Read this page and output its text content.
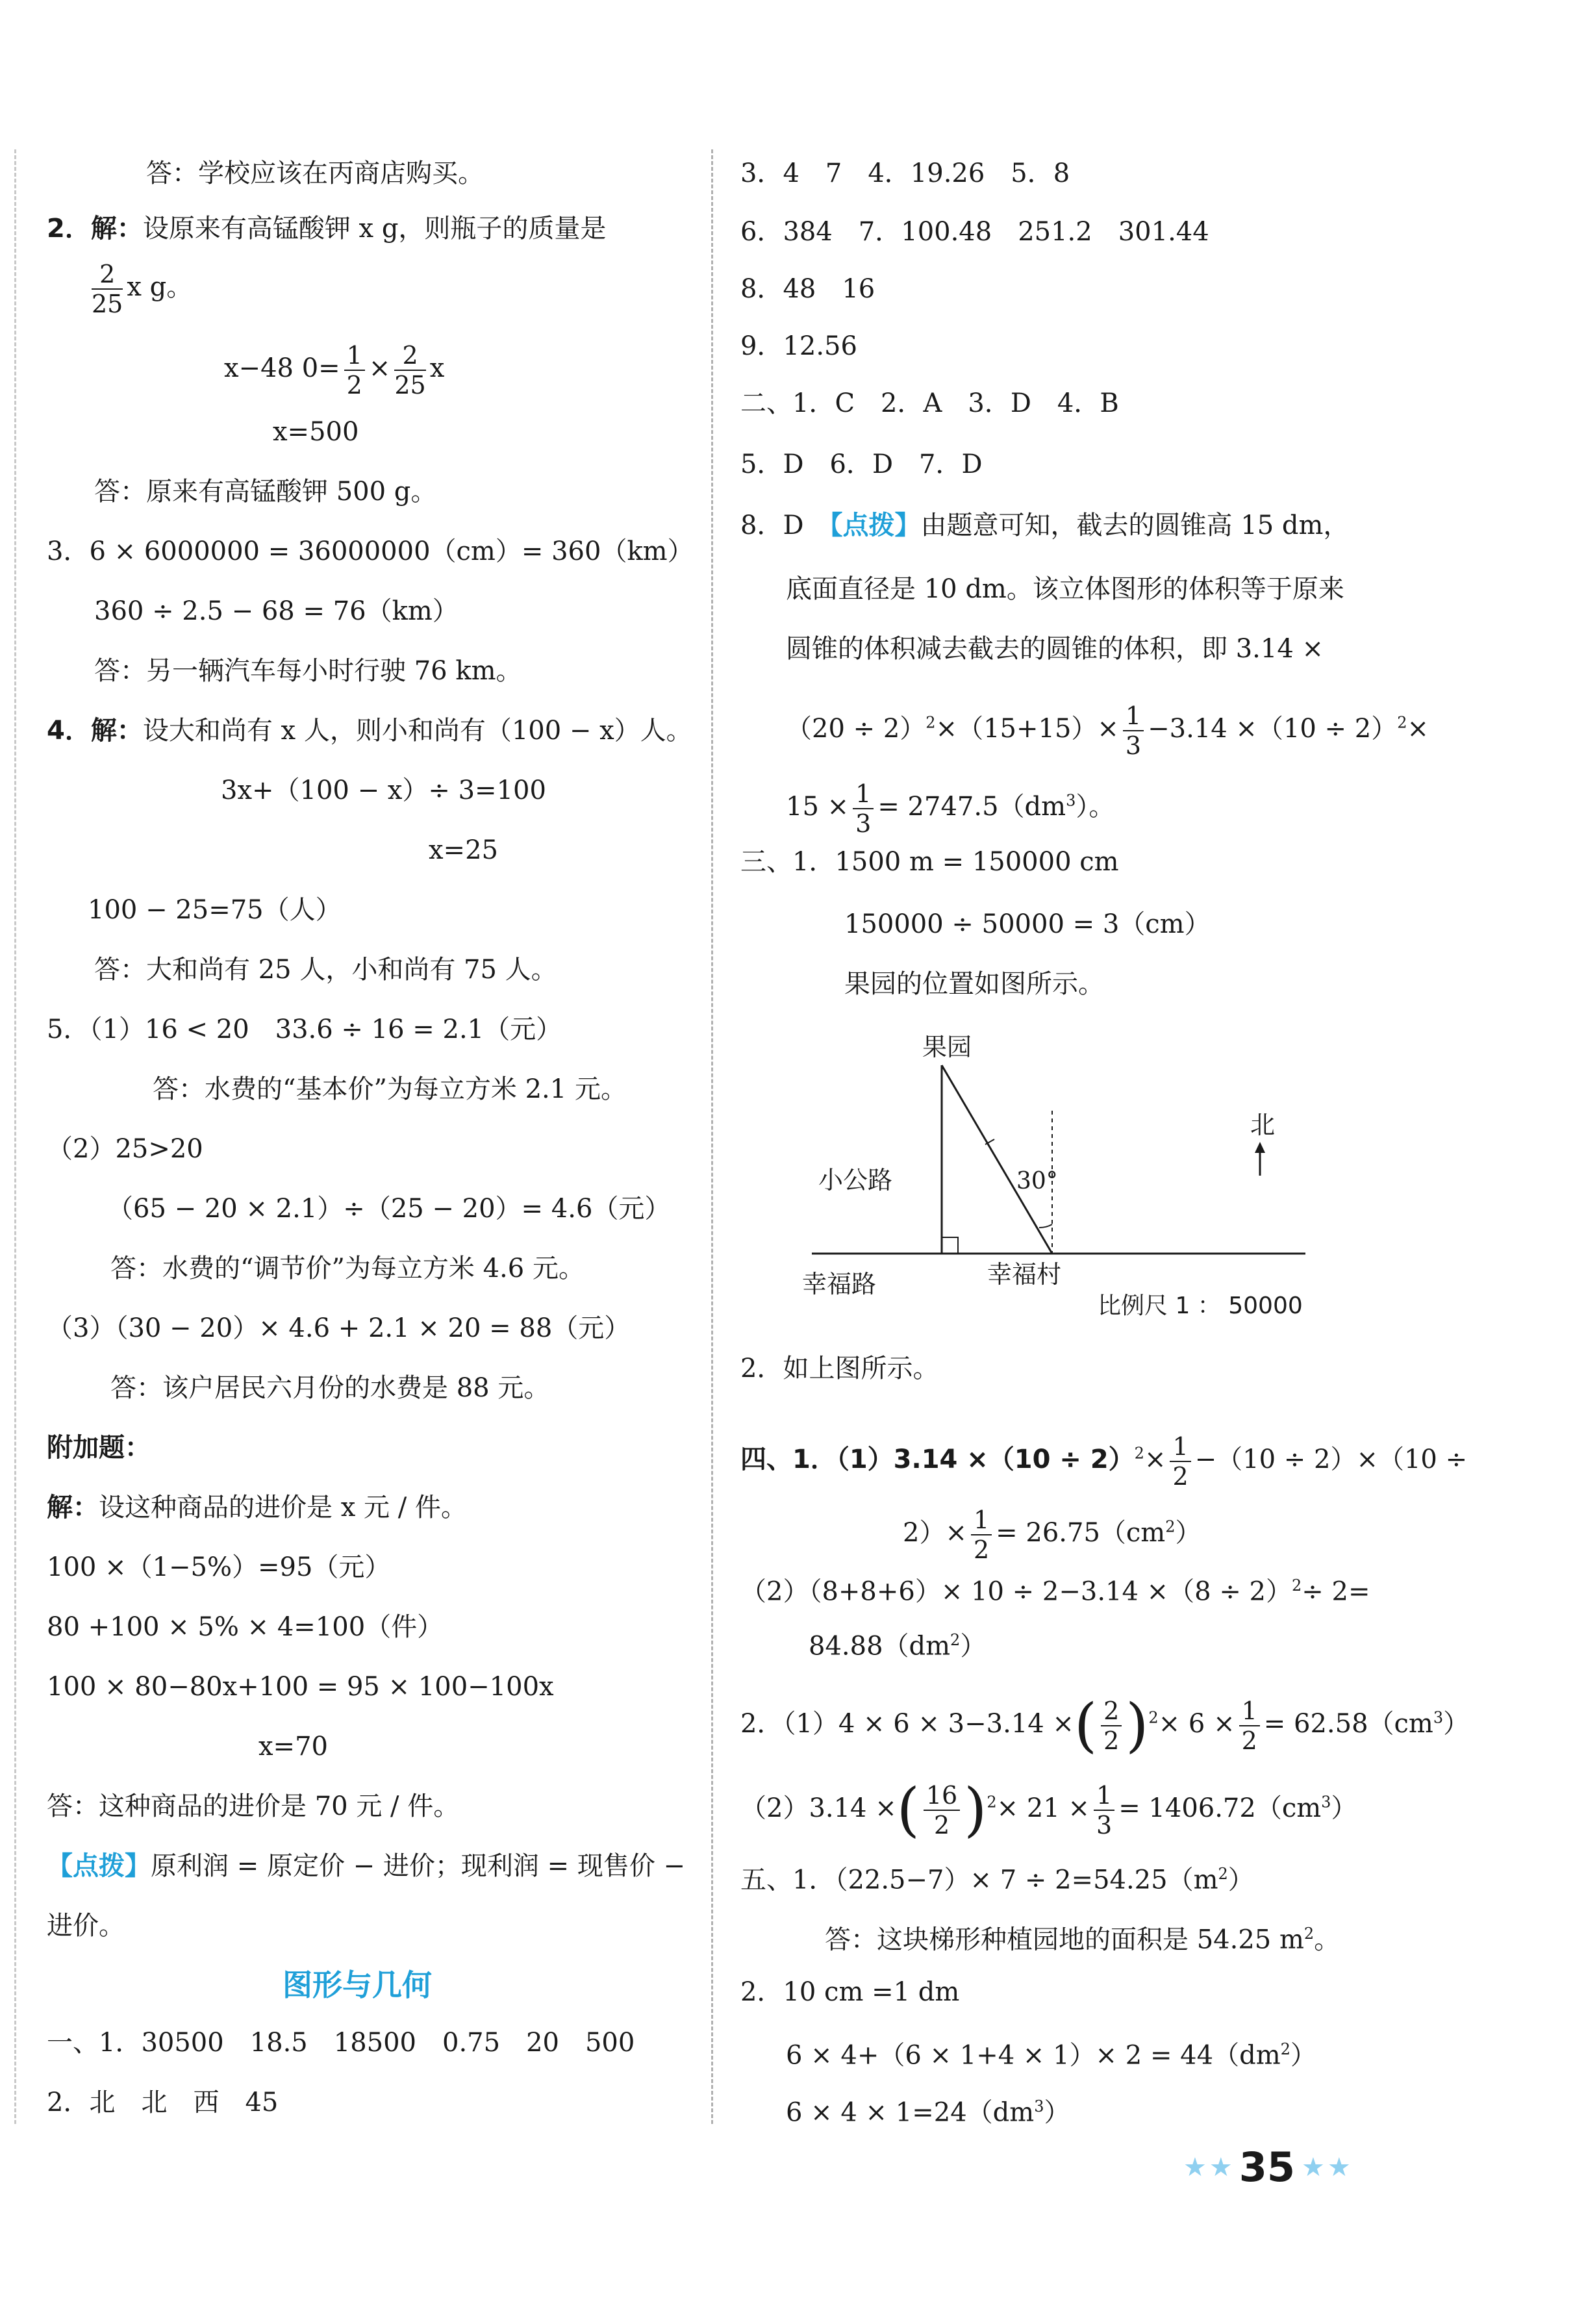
答：学校应该在丙商店购买。
2．解：设原来有高锰酸钾 x g，则瓶子的质量是
$\frac{2}{25}$ x g。
x−48 $0= \frac{1}{2} \times \frac{2}{25}$ x
x=500
答：原来有高锰酸钾 500 g。
3．6 × 6000000 = 36000000（cm）= 360（km）
360 ÷ 2.5 − 68 = 76（km）
答：另一辆汽车每小时行驶 76 km。
4．解：设大和尚有 x 人，则小和尚有（100 − x）人。
3x+（100 − x）÷ 3=100
x=25
100 − 25=75（人）
答：大和尚有 25 人，小和尚有 75 人。
5．（1）16 < 20　33.6 ÷ 16 = 2.1（元）
答：水费的“基本价”为每立方米 2.1 元。
（2）25>20
（65 − 20 × 2.1）÷（25 − 20）= 4.6（元）
答：水费的“调节价”为每立方米 4.6 元。
（3）（30 − 20）× 4.6 + 2.1 × 20 = 88（元）
答：该户居民六月份的水费是 88 元。
附加题：
解：设这种商品的进价是 x 元 / 件。
100 ×（1−5%）=95（元）
80 +100 × 5% × 4=100（件）
100 × 80−80x+100 = 95 × 100−100x
x=70
答：这种商品的进价是 70 元 / 件。
【点拨】原利润 = 原定价 − 进价；现利润 = 现售价 −
进价。
图形与几何
一、1．30500　18.5　18500　0.75　20　500
2．北　北　西　45
3．4　7　4．19.26　5．8
6．384　7．100.48　251.2　301.44
8．48　16
9．12.56
二、1．C　2．A　3．D　4．B
5．D　6．D　7．D
8．D　【点拨】由题意可知，截去的圆锥高 15 dm，
底面直径是 10 dm。该立体图形的体积等于原来
圆锥的体积减去截去的圆锥的体积，即 3.14 ×
$(20 \div 2)^2\times(15+15)\times \frac{1}{3} -3.14 \times(10 \div 2)^2\times$
$15 \times \frac{1}{3} = 2747.5(dm^3)$。
三、1．1500 m = 150000 cm
150000 ÷ 50000 = 3（cm）
果园的位置如图所示。
果园
北
小公路	30°
幸福路	幸福村
比例尺 1 ： 50000
2．如上图所示。
四、1．$(1)3.14 \times(10 \div 2)^2\times \frac{1}{2} -(10 \div 2)\times(10$ ÷
$2)\times \frac{1}{2} = 26.75(cm^2)$
$(2)(8+8+6)\times 10 \div 2-3.14 \times(8 \div 2)^2\div 2=$
$84.88(dm^2)$
2．（1）4 × 6 × 3−3.14 ×( $\frac{2}{2} )^2\times 6 \times \frac{1}{2} = 62.58(cm^3)$
（2）3.14 ×( $\frac{16}{2} )^2\times 21 \times \frac{1}{3} = 1406.72(cm^3)$
五、1．$(22.5-7)\times 7 \div 2=54.25(m^2)$
答：这块梯形种植园地的面积是 54.25 $m^2$。
2．10 cm =1 dm
$6 \times 4+(6 \times 1+4 \times 1)\times 2 = 44(dm^2)$
$6 \times 4 \times 1=24(dm^3)$
★ ★ 35 ★ ★
